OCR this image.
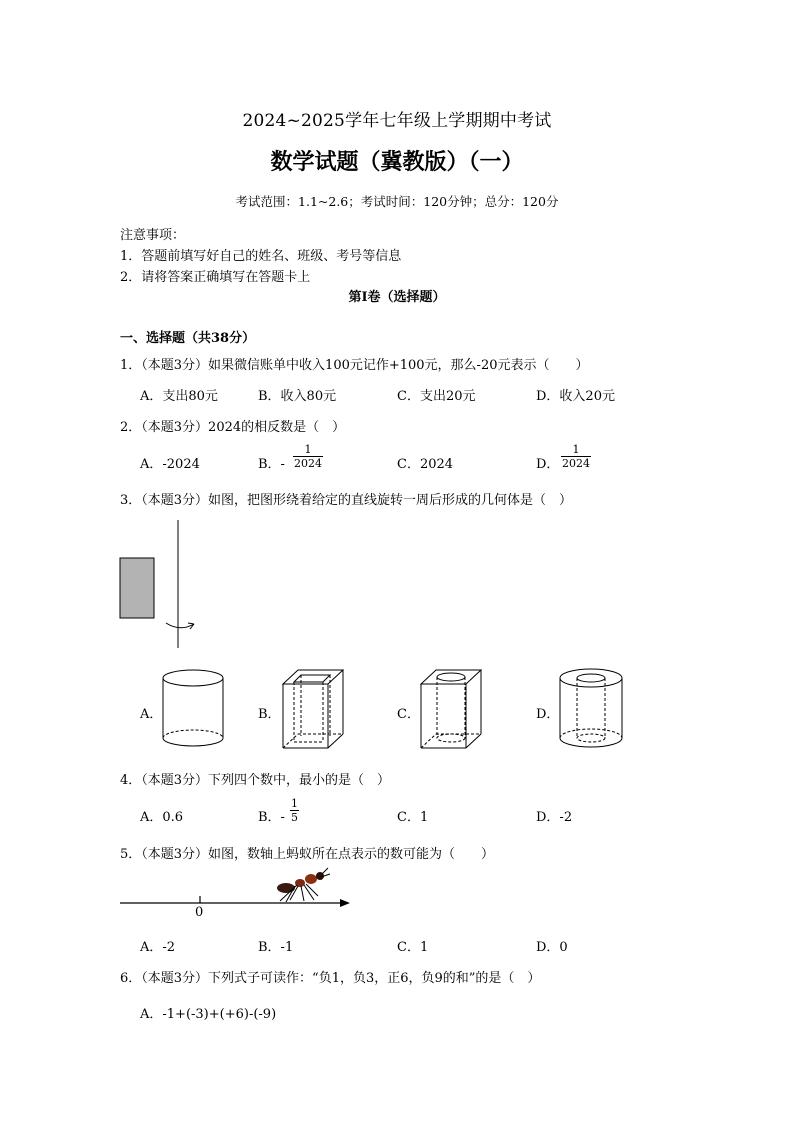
2024~2025学年七年级上学期期中考试
数学试题（冀教版）（一）
考试范围：1.1~2.6；考试时间：120分钟；总分：120分
注意事项：
1．答题前填写好自己的姓名、班级、考号等信息
2．请将答案正确填写在答题卡上
第I卷（选择题）
一、选择题（共38分）
1．（本题3分）如果微信账单中收入100元记作+100元，那么-20元表示（　　）
A．支出80元	B．收入80元	C．支出20元	D．收入20元
2．（本题3分）2024的相反数是（　）
A．-2024	B．- $\frac{1}{2024}$	C．2024	D． $\frac{1}{2024}$
3．（本题3分）如图，把图形绕着给定的直线旋转一周后形成的几何体是（　）
A．	B．	C．	D．
4．（本题3分）下列四个数中，最小的是（　）
A．0.6	B．- $\frac{1}{5}$	C．1	D．-2
5．（本题3分）如图，数轴上蚂蚁所在点表示的数可能为（　　）
0
A．-2	B．-1	C．1	D．0
6．（本题3分）下列式子可读作：“负1，负3，正6，负9的和”的是（　）
A．-1+(-3)+(+6)-(-9)
